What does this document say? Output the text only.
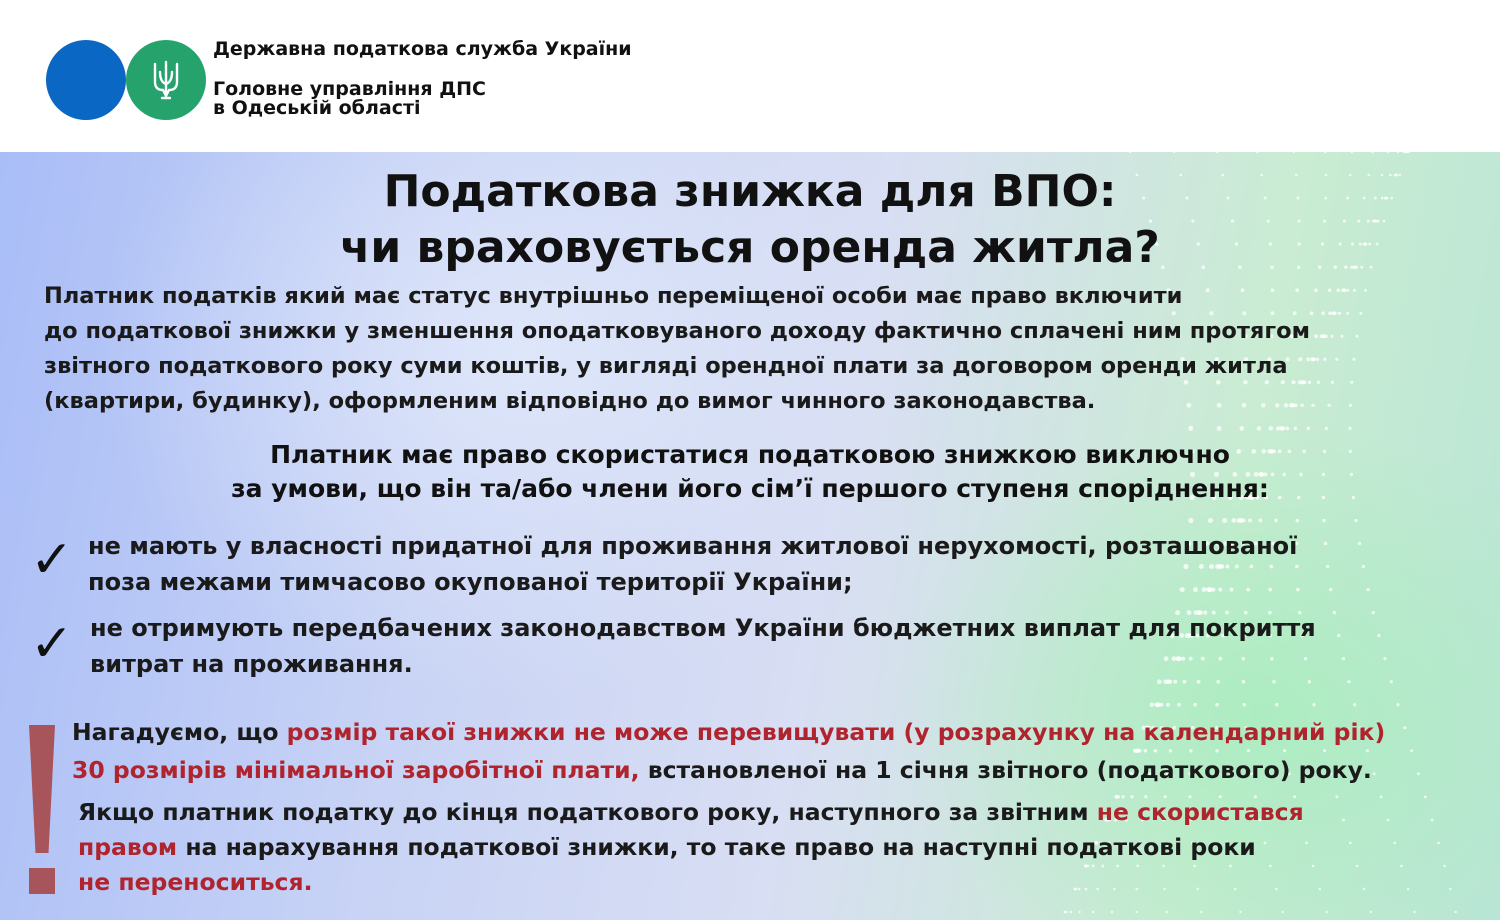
Державна податкова служба України
Головне управління ДПС
в Одеській області
Податкова знижка для ВПО:
чи враховується оренда житла?
Платник податків який має статус внутрішньо переміщеної особи має право включити
до податкової знижки у зменшення оподатковуваного доходу фактично сплачені ним протягом
звітного податкового року суми коштів, у вигляді орендної плати за договором оренди житла
(квартири, будинку), оформленим відповідно до вимог чинного законодавства.
Платник має право скористатися податковою знижкою виключно
за умови, що він та/або члени його сім’ї першого ступеня споріднення:
✓ не мають у власності придатної для проживання житлової нерухомості, розташованої
поза межами тимчасово окупованої території України;
✓ не отримують передбачених законодавством України бюджетних виплат для покриття
витрат на проживання.
Нагадуємо, що розмір такої знижки не може перевищувати (у розрахунку на календарний рік)
30 розмірів мінімальної заробітної плати, встановленої на 1 січня звітного (податкового) року.
Якщо платник податку до кінця податкового року, наступного за звітним не скористався
правом на нарахування податкової знижки, то таке право на наступні податкові роки
не переноситься.
